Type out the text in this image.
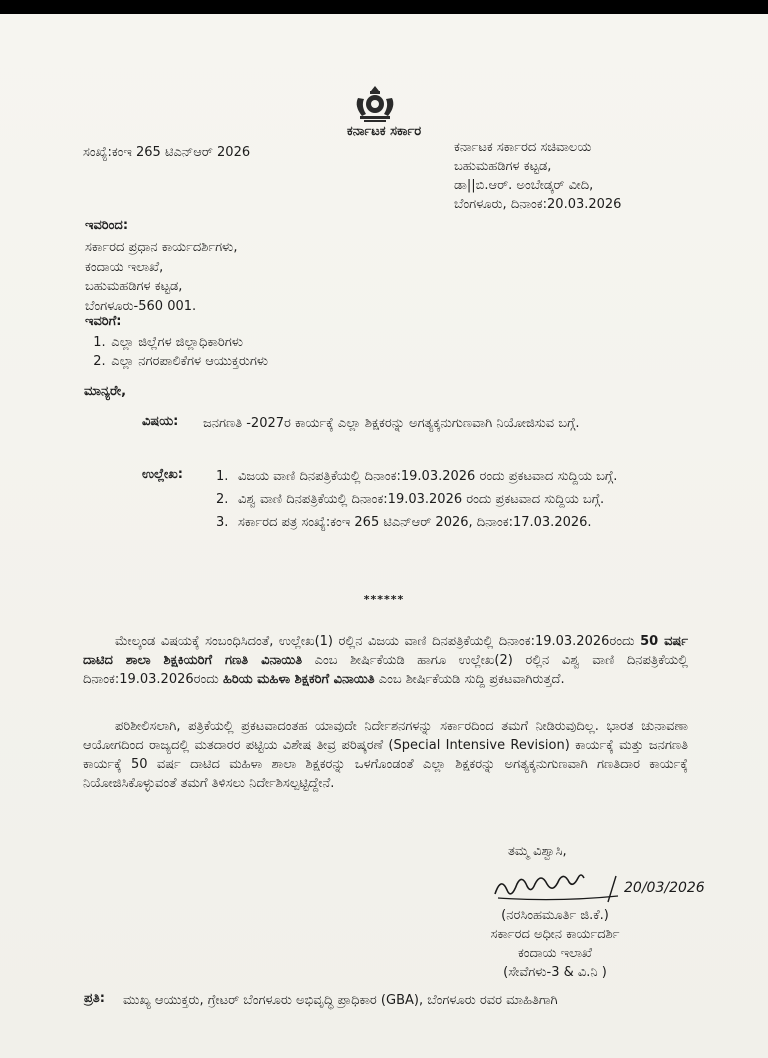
ಕರ್ನಾಟಕ ಸರ್ಕಾರ
ಸಂಖ್ಯೆ:ಕಂಇ 265 ಟಿಎನ್‌ಆರ್ 2026	ಕರ್ನಾಟಕ ಸರ್ಕಾರದ ಸಚಿವಾಲಯ
ಬಹುಮಹಡಿಗಳ ಕಟ್ಟಡ,
ಡಾ||ಬಿ.ಆರ್. ಅಂಬೇಡ್ಕರ್ ವೀದಿ,
ಬೆಂಗಳೂರು, ದಿನಾಂಕ:20.03.2026
ಇವರಿಂದ:
ಸರ್ಕಾರದ ಪ್ರಧಾನ ಕಾರ್ಯದರ್ಶಿಗಳು,
ಕಂದಾಯ ಇಲಾಖೆ,
ಬಹುಮಹಡಿಗಳ ಕಟ್ಟಡ,
ಬೆಂಗಳೂರು-560 001.
ಇವರಿಗೆ:
1. ಎಲ್ಲಾ ಜಿಲ್ಲೆಗಳ ಜಿಲ್ಲಾಧಿಕಾರಿಗಳು
2. ಎಲ್ಲಾ ನಗರಪಾಲಿಕೆಗಳ ಆಯುಕ್ತರುಗಳು
ಮಾನ್ಯರೇ,
ವಿಷಯ: ಜನಗಣತಿ -2027ರ ಕಾರ್ಯಕ್ಕೆ ಎಲ್ಲಾ ಶಿಕ್ಷಕರನ್ನು ಅಗತ್ಯಕ್ಕನುಗುಣವಾಗಿ ನಿಯೋಜಿಸುವ ಬಗ್ಗೆ.
ಉಲ್ಲೇಖ:	1. ವಿಜಯ ವಾಣಿ ದಿನಪತ್ರಿಕೆಯಲ್ಲಿ ದಿನಾಂಕ:19.03.2026 ರಂದು ಪ್ರಕಟವಾದ ಸುದ್ದಿಯ ಬಗ್ಗೆ.
2. ವಿಶ್ವ ವಾಣಿ ದಿನಪತ್ರಿಕೆಯಲ್ಲಿ ದಿನಾಂಕ:19.03.2026 ರಂದು ಪ್ರಕಟವಾದ ಸುದ್ದಿಯ ಬಗ್ಗೆ.
3. ಸರ್ಕಾರದ ಪತ್ರ ಸಂಖ್ಯೆ:ಕಂಇ 265 ಟಿಎನ್‌ಆರ್ 2026, ದಿನಾಂಕ:17.03.2026.
******
ಮೇಲ್ಕಂಡ ವಿಷಯಕ್ಕೆ ಸಂಬಂಧಿಸಿದಂತೆ, ಉಲ್ಲೇಖ(1) ರಲ್ಲಿನ ವಿಜಯ ವಾಣಿ ದಿನಪತ್ರಿಕೆಯಲ್ಲಿ ದಿನಾಂಕ:19.03.2026ರಂದು 50 ವರ್ಷ ದಾಟಿದ ಶಾಲಾ ಶಿಕ್ಷಕಿಯರಿಗೆ ಗಣತಿ ವಿನಾಯಿತಿ ಎಂಬ ಶೀರ್ಷಿಕೆಯಡಿ ಹಾಗೂ ಉಲ್ಲೇಖ(2) ರಲ್ಲಿನ ವಿಶ್ವ ವಾಣಿ ದಿನಪತ್ರಿಕೆಯಲ್ಲಿ ದಿನಾಂಕ:19.03.2026ರಂದು ಹಿರಿಯ ಮಹಿಳಾ ಶಿಕ್ಷಕರಿಗೆ ವಿನಾಯಿತಿ ಎಂಬ ಶೀರ್ಷಿಕೆಯಡಿ ಸುದ್ದಿ ಪ್ರಕಟವಾಗಿರುತ್ತದೆ.
ಪರಿಶೀಲಿಸಲಾಗಿ, ಪತ್ರಿಕೆಯಲ್ಲಿ ಪ್ರಕಟವಾದಂತಹ ಯಾವುದೇ ನಿರ್ದೇಶನಗಳನ್ನು ಸರ್ಕಾರದಿಂದ ತಮಗೆ ನೀಡಿರುವುದಿಲ್ಲ. ಭಾರತ ಚುನಾವಣಾ ಆಯೋಗದಿಂದ ರಾಜ್ಯದಲ್ಲಿ ಮತದಾರರ ಪಟ್ಟಿಯ ವಿಶೇಷ ತೀವ್ರ ಪರಿಷ್ಕರಣೆ (Special Intensive Revision) ಕಾರ್ಯಕ್ಕೆ ಮತ್ತು ಜನಗಣತಿ ಕಾರ್ಯಕ್ಕೆ 50 ವರ್ಷ ದಾಟಿದ ಮಹಿಳಾ ಶಾಲಾ ಶಿಕ್ಷಕರನ್ನು ಒಳಗೊಂಡಂತೆ ಎಲ್ಲಾ ಶಿಕ್ಷಕರನ್ನು ಅಗತ್ಯಕ್ಕನುಗುಣವಾಗಿ ಗಣತಿದಾರ ಕಾರ್ಯಕ್ಕೆ ನಿಯೋಜಿಸಿಕೊಳ್ಳುವಂತೆ ತಮಗೆ ತಿಳಿಸಲು ನಿರ್ದೇಶಿಸಲ್ಪಟ್ಟಿದ್ದೇನೆ.
ತಮ್ಮ ವಿಶ್ವಾಸಿ,
20/03/2026
(ನರಸಿಂಹಮೂರ್ತಿ ಜಿ.ಕೆ.)
ಸರ್ಕಾರದ ಅಧೀನ ಕಾರ್ಯದರ್ಶಿ
ಕಂದಾಯ ಇಲಾಖೆ
(ಸೇವೆಗಳು-3 & ವಿ.ನಿ )
ಪ್ರತಿ: ಮುಖ್ಯ ಆಯುಕ್ತರು, ಗ್ರೇಟರ್ ಬೆಂಗಳೂರು ಅಭಿವೃದ್ಧಿ ಪ್ರಾಧಿಕಾರ (GBA), ಬೆಂಗಳೂರು ರವರ ಮಾಹಿತಿಗಾಗಿ
